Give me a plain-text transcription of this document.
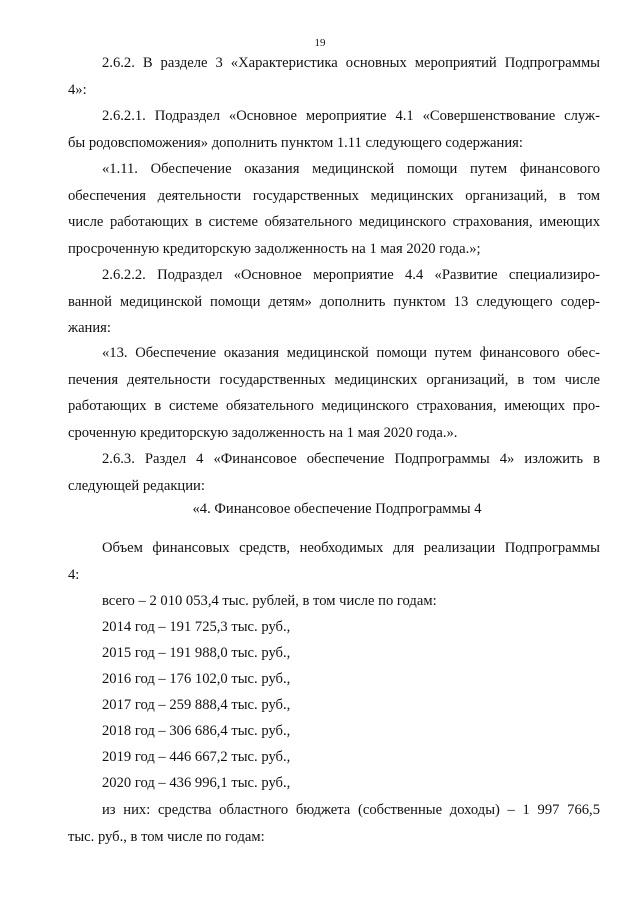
19
2.6.2. В разделе 3 «Характеристика основных мероприятий Подпрограммы
4»:
2.6.2.1. Подраздел «Основное мероприятие 4.1 «Совершенствование служ-
бы родовспоможения» дополнить пунктом 1.11 следующего содержания:
«1.11. Обеспечение оказания медицинской помощи путем финансового
обеспечения деятельности государственных медицинских организаций, в том
числе работающих в системе обязательного медицинского страхования, имеющих
просроченную кредиторскую задолженность на 1 мая 2020 года.»;
2.6.2.2. Подраздел «Основное мероприятие 4.4 «Развитие специализиро-
ванной медицинской помощи детям» дополнить пунктом 13 следующего содер-
жания:
«13. Обеспечение оказания медицинской помощи путем финансового обес-
печения деятельности государственных медицинских организаций, в том числе
работающих в системе обязательного медицинского страхования, имеющих про-
сроченную кредиторскую задолженность на 1 мая 2020 года.».
2.6.3. Раздел 4 «Финансовое обеспечение Подпрограммы 4» изложить в
следующей редакции:
«4. Финансовое обеспечение Подпрограммы 4
Объем финансовых средств, необходимых для реализации Подпрограммы
4:
всего – 2 010 053,4 тыс. рублей, в том числе по годам:
2014 год – 191 725,3 тыс. руб.,
2015 год – 191 988,0 тыс. руб.,
2016 год – 176 102,0 тыс. руб.,
2017 год – 259 888,4 тыс. руб.,
2018 год – 306 686,4 тыс. руб.,
2019 год – 446 667,2 тыс. руб.,
2020 год – 436 996,1 тыс. руб.,
из них: средства областного бюджета (собственные доходы) – 1 997 766,5
тыс. руб., в том числе по годам:
